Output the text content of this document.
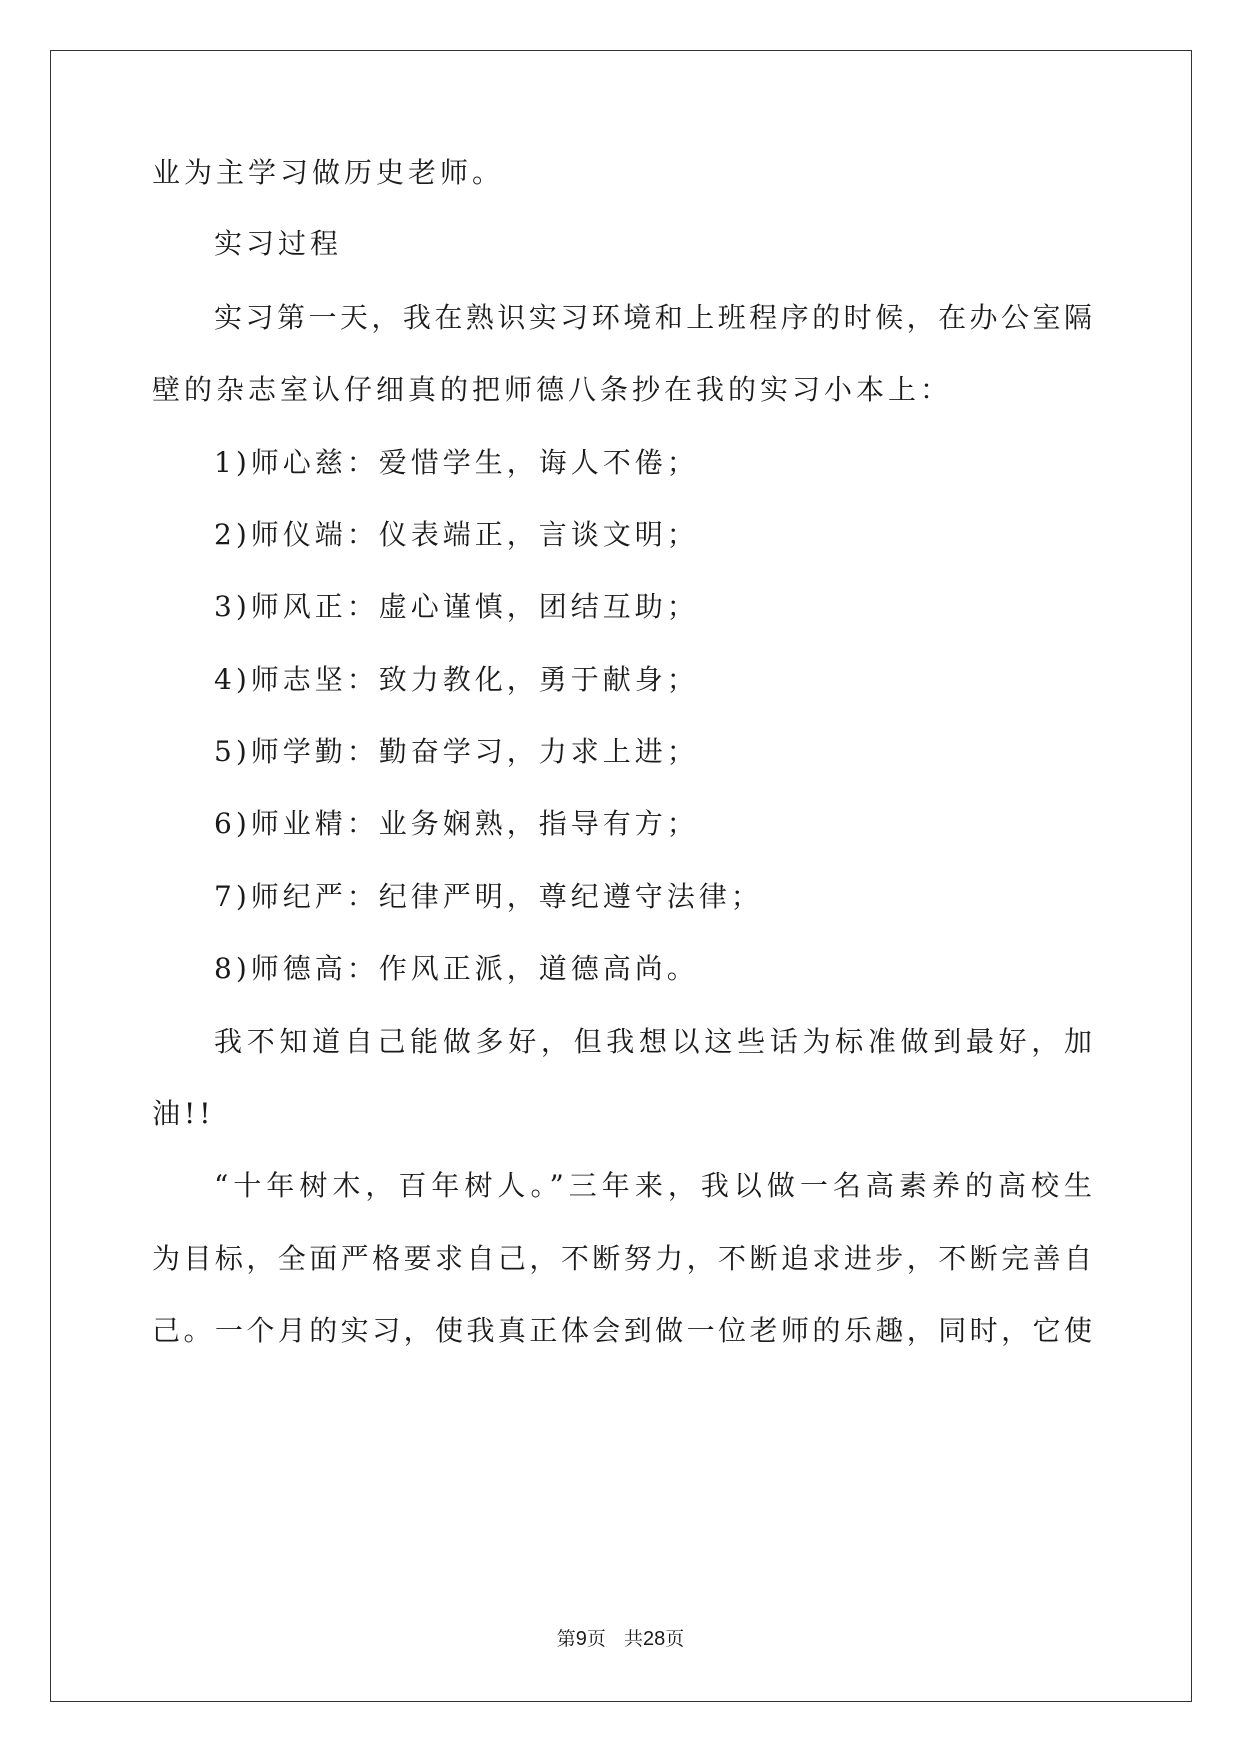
业为主学习做历史老师。
实习过程
实习第一天，我在熟识实习环境和上班程序的时候，在办公室隔
壁的杂志室认仔细真的把师德八条抄在我的实习小本上：
1)师心慈：爱惜学生，诲人不倦；
2)师仪端：仪表端正，言谈文明；
3)师风正：虚心谨慎，团结互助；
4)师志坚：致力教化，勇于献身；
5)师学勤：勤奋学习，力求上进；
6)师业精：业务娴熟，指导有方；
7)师纪严：纪律严明，尊纪遵守法律；
8)师德高：作风正派，道德高尚。
我不知道自己能做多好，但我想以这些话为标准做到最好，加
油!!
“十年树木，百年树人。”三年来，我以做一名高素养的高校生
为目标，全面严格要求自己，不断努力，不断追求进步，不断完善自
己。一个月的实习，使我真正体会到做一位老师的乐趣，同时，它使
第9页 共28页
